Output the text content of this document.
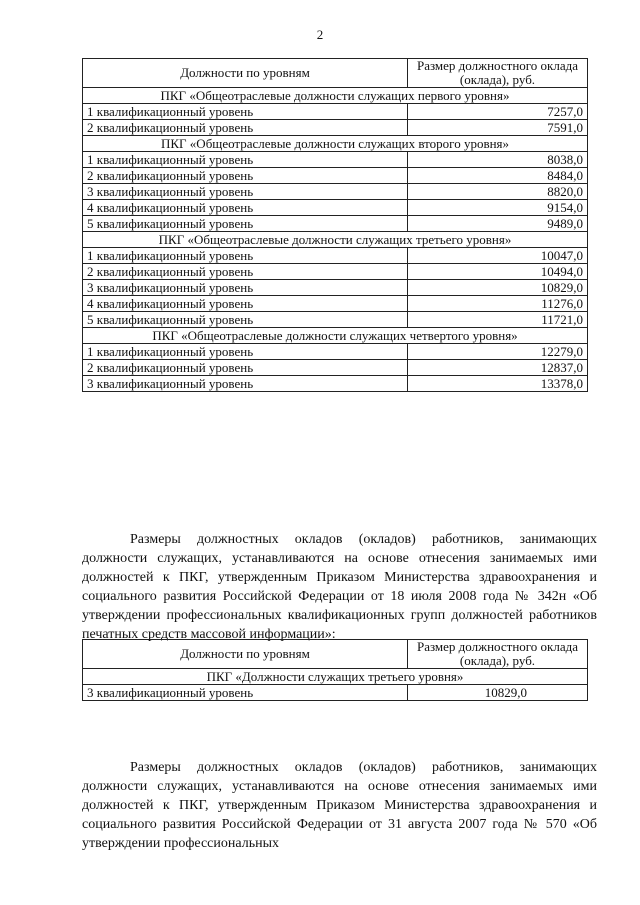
2
Должности по уровням	Размер должностного оклада (оклада), руб.
ПКГ «Общеотраслевые должности служащих первого уровня»	
1 квалификационный уровень	7257,0
2 квалификационный уровень	7591,0
ПКГ «Общеотраслевые должности служащих второго уровня»	
1 квалификационный уровень	8038,0
2 квалификационный уровень	8484,0
3 квалификационный уровень	8820,0
4 квалификационный уровень	9154,0
5 квалификационный уровень	9489,0
ПКГ «Общеотраслевые должности служащих третьего уровня»	
1 квалификационный уровень	10047,0
2 квалификационный уровень	10494,0
3 квалификационный уровень	10829,0
4 квалификационный уровень	11276,0
5 квалификационный уровень	11721,0
ПКГ «Общеотраслевые должности служащих четвертого уровня»	
1 квалификационный уровень	12279,0
2 квалификационный уровень	12837,0
3 квалификационный уровень	13378,0

Размеры должностных окладов (окладов) работников, занимающих должности служащих, устанавливаются на основе отнесения занимаемых ими должностей к ПКГ, утвержденным Приказом Министерства здравоохранения и социального развития Российской Федерации от 18 июля 2008 года № 342н «Об утверждении профессиональных квалификационных групп должностей работников печатных средств массовой информации»:

Должности по уровням	Размер должностного оклада (оклада), руб.
ПКГ «Должности служащих третьего уровня»	
3 квалификационный уровень	10829,0

Размеры должностных окладов (окладов) работников, занимающих должности служащих, устанавливаются на основе отнесения занимаемых ими должностей к ПКГ, утвержденным Приказом Министерства здравоохранения и социального развития Российской Федерации от 31 августа 2007 года № 570 «Об утверждении профессиональных
